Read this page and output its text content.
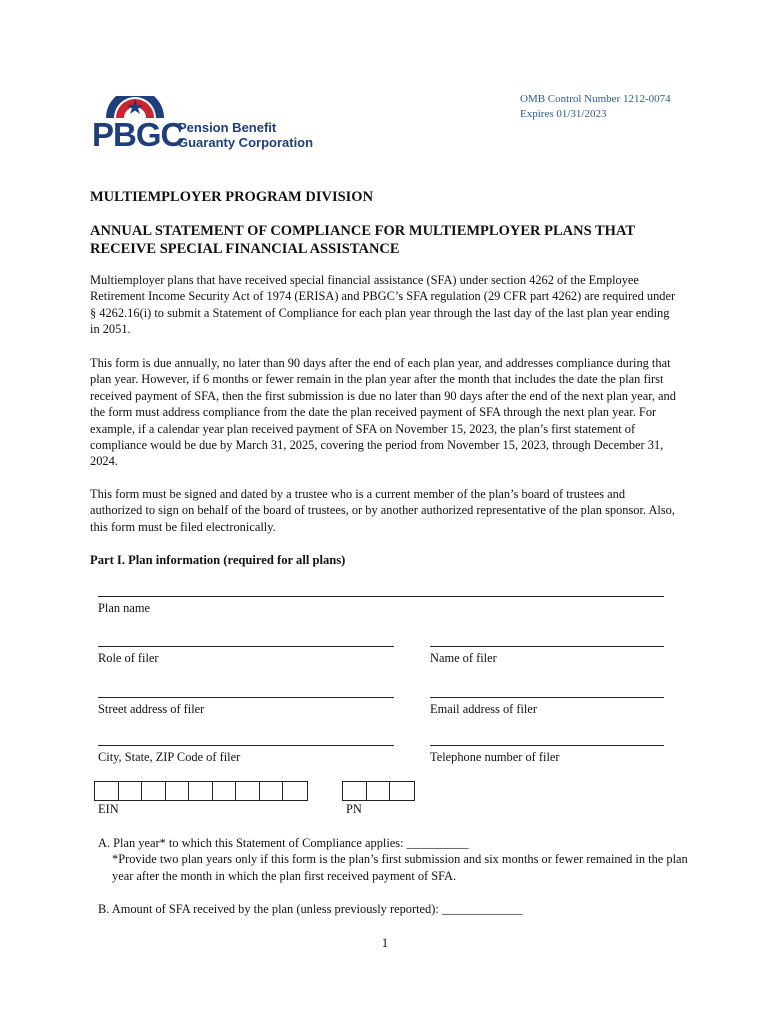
OMB Control Number 1212-0074
Expires 01/31/2023
PBGC
Pension Benefit
Guaranty Corporation
MULTIEMPLOYER PROGRAM DIVISION
ANNUAL STATEMENT OF COMPLIANCE FOR MULTIEMPLOYER PLANS THAT
RECEIVE SPECIAL FINANCIAL ASSISTANCE

Multiemployer plans that have received special financial assistance (SFA) under section 4262 of the Employee Retirement Income Security Act of 1974 (ERISA) and PBGC’s SFA regulation (29 CFR part 4262) are required under § 4262.16(i) to submit a Statement of Compliance for each plan year through the last day of the last plan year ending in 2051.

This form is due annually, no later than 90 days after the end of each plan year, and addresses compliance during that plan year. However, if 6 months or fewer remain in the plan year after the month that includes the date the plan first received payment of SFA, then the first submission is due no later than 90 days after the end of the next plan year, and the form must address compliance from the date the plan received payment of SFA through the next plan year. For example, if a calendar year plan received payment of SFA on November 15, 2023, the plan’s first statement of compliance would be due by March 31, 2025, covering the period from November 15, 2023, through December 31, 2024.

This form must be signed and dated by a trustee who is a current member of the plan’s board of trustees and authorized to sign on behalf of the board of trustees, or by another authorized representative of the plan sponsor. Also, this form must be filed electronically.

Part I. Plan information (required for all plans)
Plan name
Role of filer	Name of filer
Street address of filer	Email address of filer
City, State, ZIP Code of filer	Telephone number of filer
EIN	PN
A. Plan year* to which this Statement of Compliance applies: __________
*Provide two plan years only if this form is the plan’s first submission and six months or fewer remained in the plan year after the month in which the plan first received payment of SFA.
B. Amount of SFA received by the plan (unless previously reported): _____________
1
